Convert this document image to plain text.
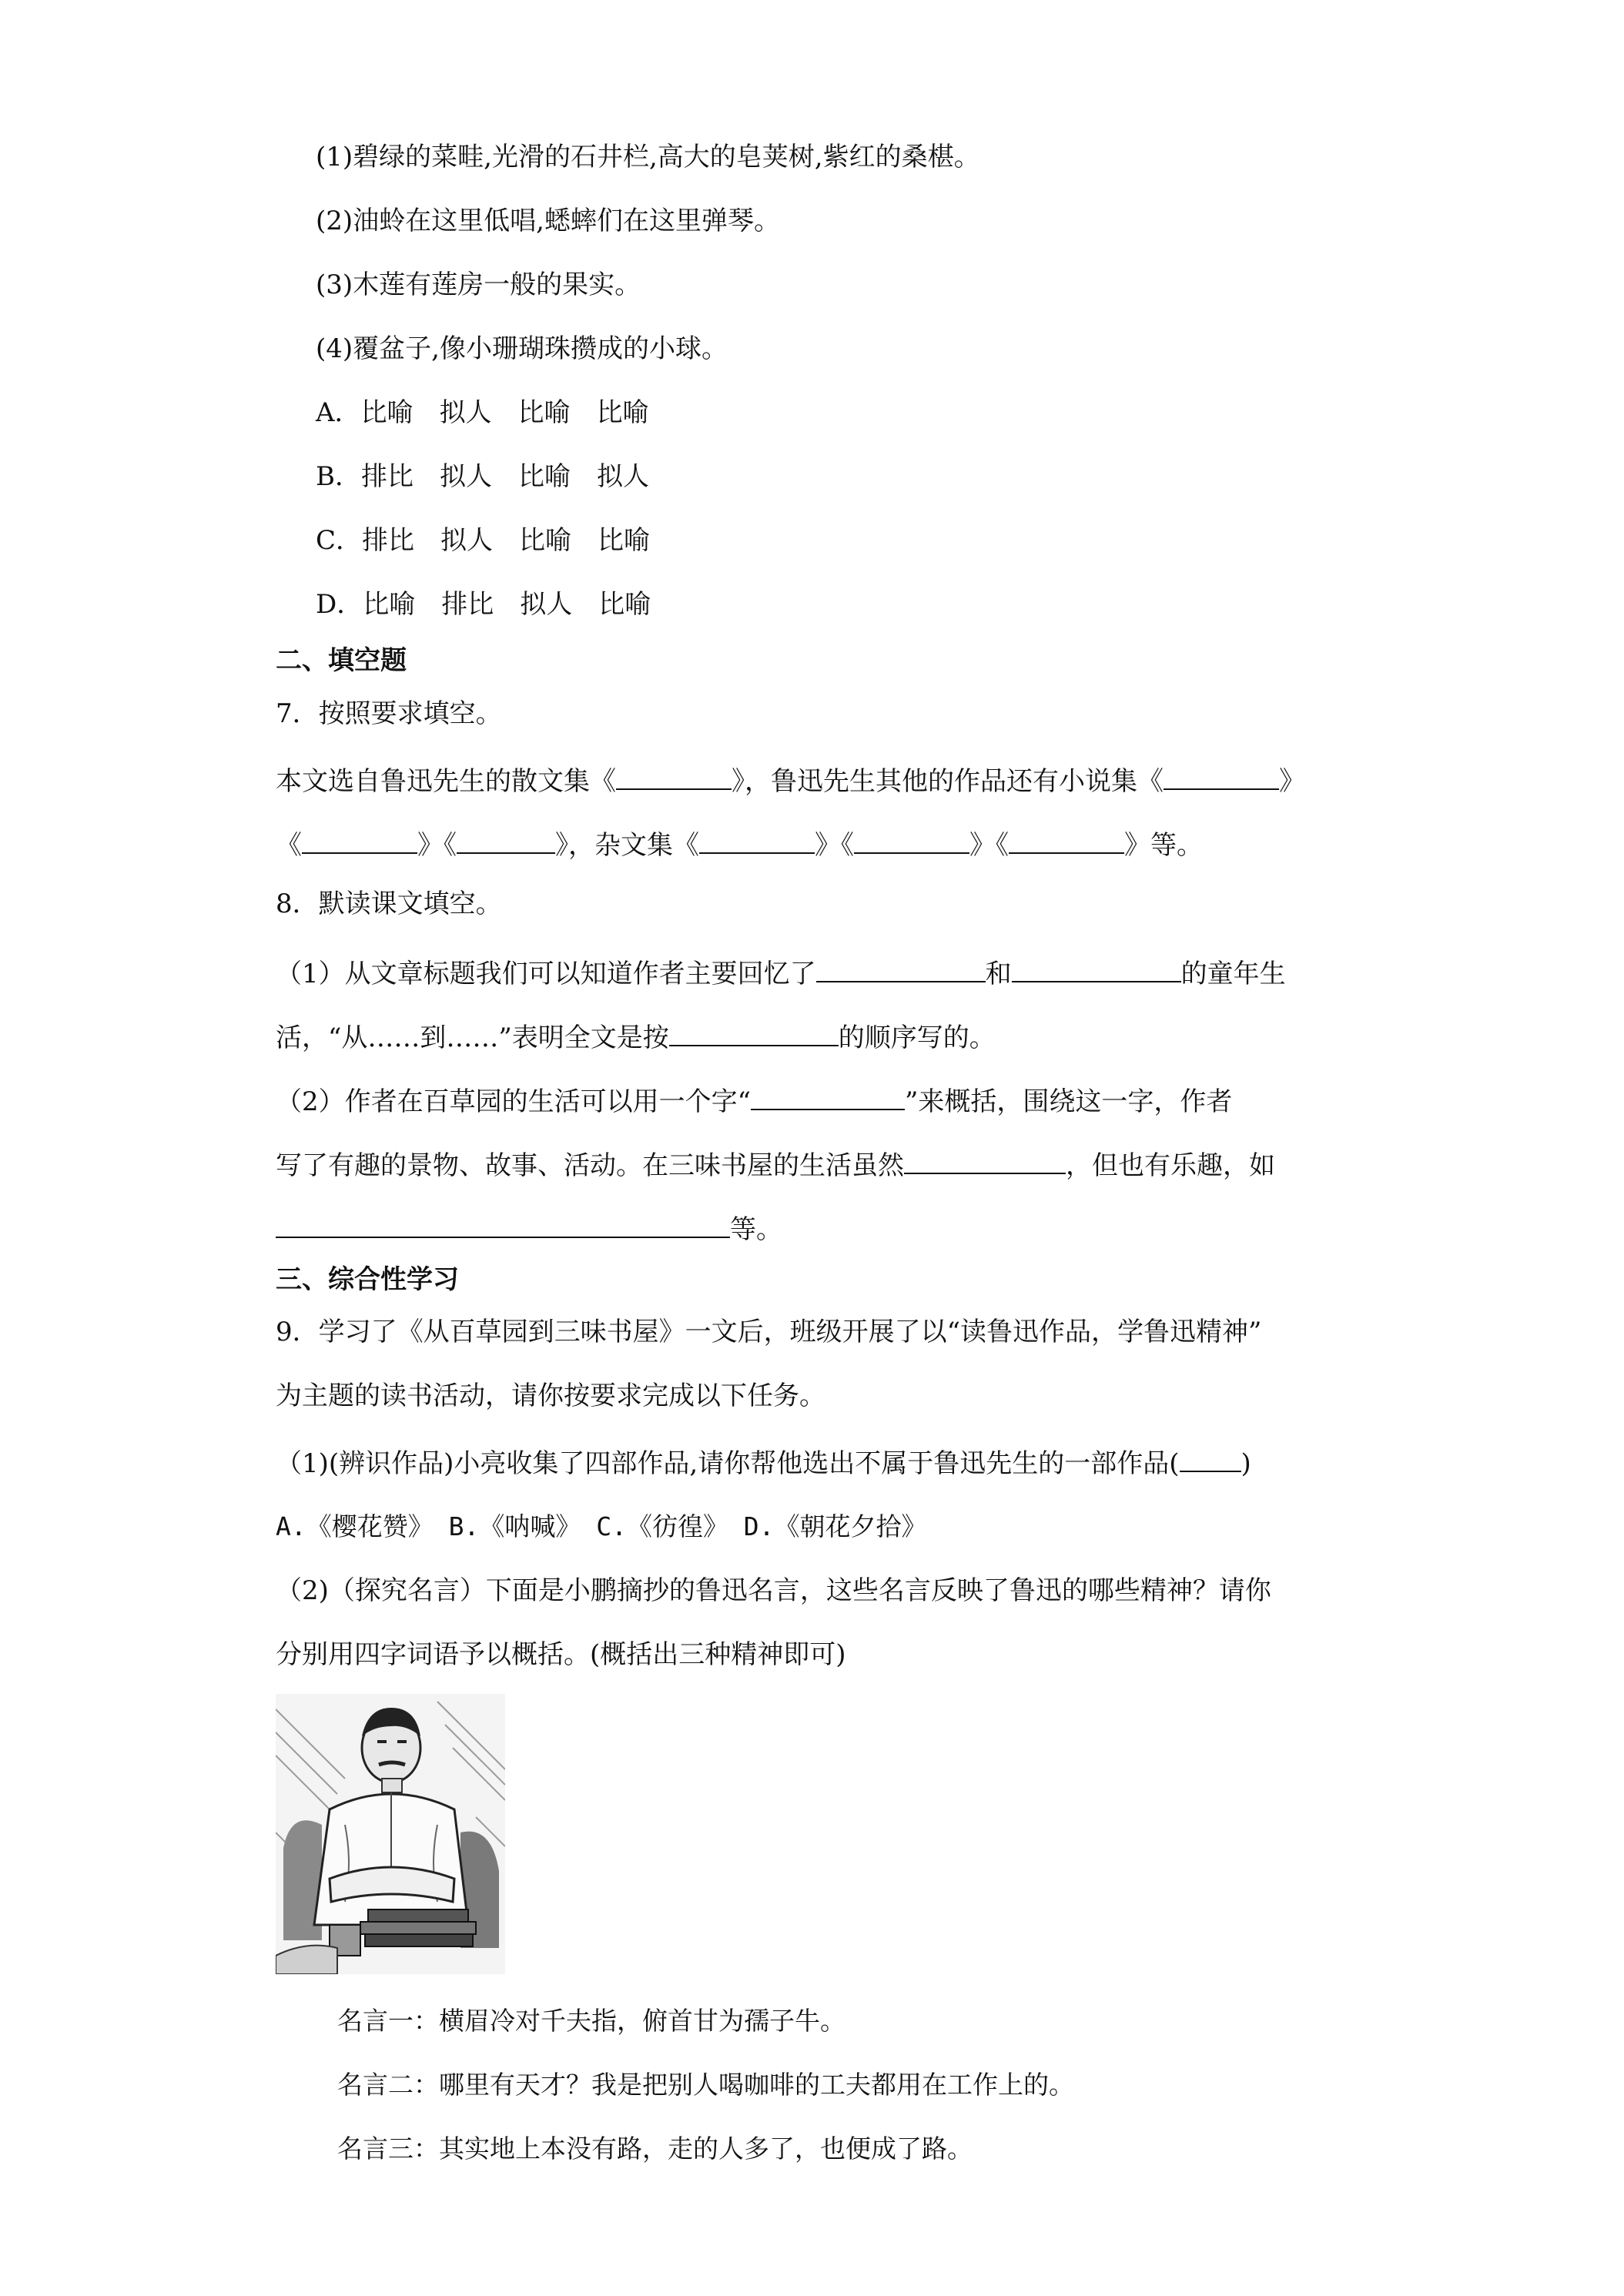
(1)碧绿的菜畦,光滑的石井栏,高大的皂荚树,紫红的桑椹。
(2)油蛉在这里低唱,蟋蟀们在这里弹琴。
(3)木莲有莲房一般的果实。
(4)覆盆子,像小珊瑚珠攒成的小球。
A．比喻 拟人 比喻 比喻
B．排比 拟人 比喻 拟人
C．排比 拟人 比喻 比喻
D．比喻 排比 拟人 比喻
二、填空题
7．按照要求填空。
本文选自鲁迅先生的散文集《	》，鲁迅先生其他的作品还有小说集《	》
《	》《	》，杂文集《	》《	》《	》等。
8．默读课文填空。
（1）从文章标题我们可以知道作者主要回忆了	和	的童年生
活，“从……到……”表明全文是按	的顺序写的。
（2）作者在百草园的生活可以用一个字“	”来概括，围绕这一字，作者
写了有趣的景物、故事、活动。在三味书屋的生活虽然	，但也有乐趣，如
等。
三、综合性学习
9．学习了《从百草园到三味书屋》一文后，班级开展了以“读鲁迅作品，学鲁迅精神”
为主题的读书活动，请你按要求完成以下任务。
（1)(辨识作品)小亮收集了四部作品,请你帮他选出不属于鲁迅先生的一部作品( )
A.《樱花赞》 B.《呐喊》 C.《彷徨》 D.《朝花夕拾》
（2)（探究名言）下面是小鹏摘抄的鲁迅名言，这些名言反映了鲁迅的哪些精神？请你
分别用四字词语予以概括。(概括出三种精神即可)
名言一：横眉冷对千夫指，俯首甘为孺子牛。
名言二：哪里有天才？我是把别人喝咖啡的工夫都用在工作上的。
名言三：其实地上本没有路，走的人多了，也便成了路。
